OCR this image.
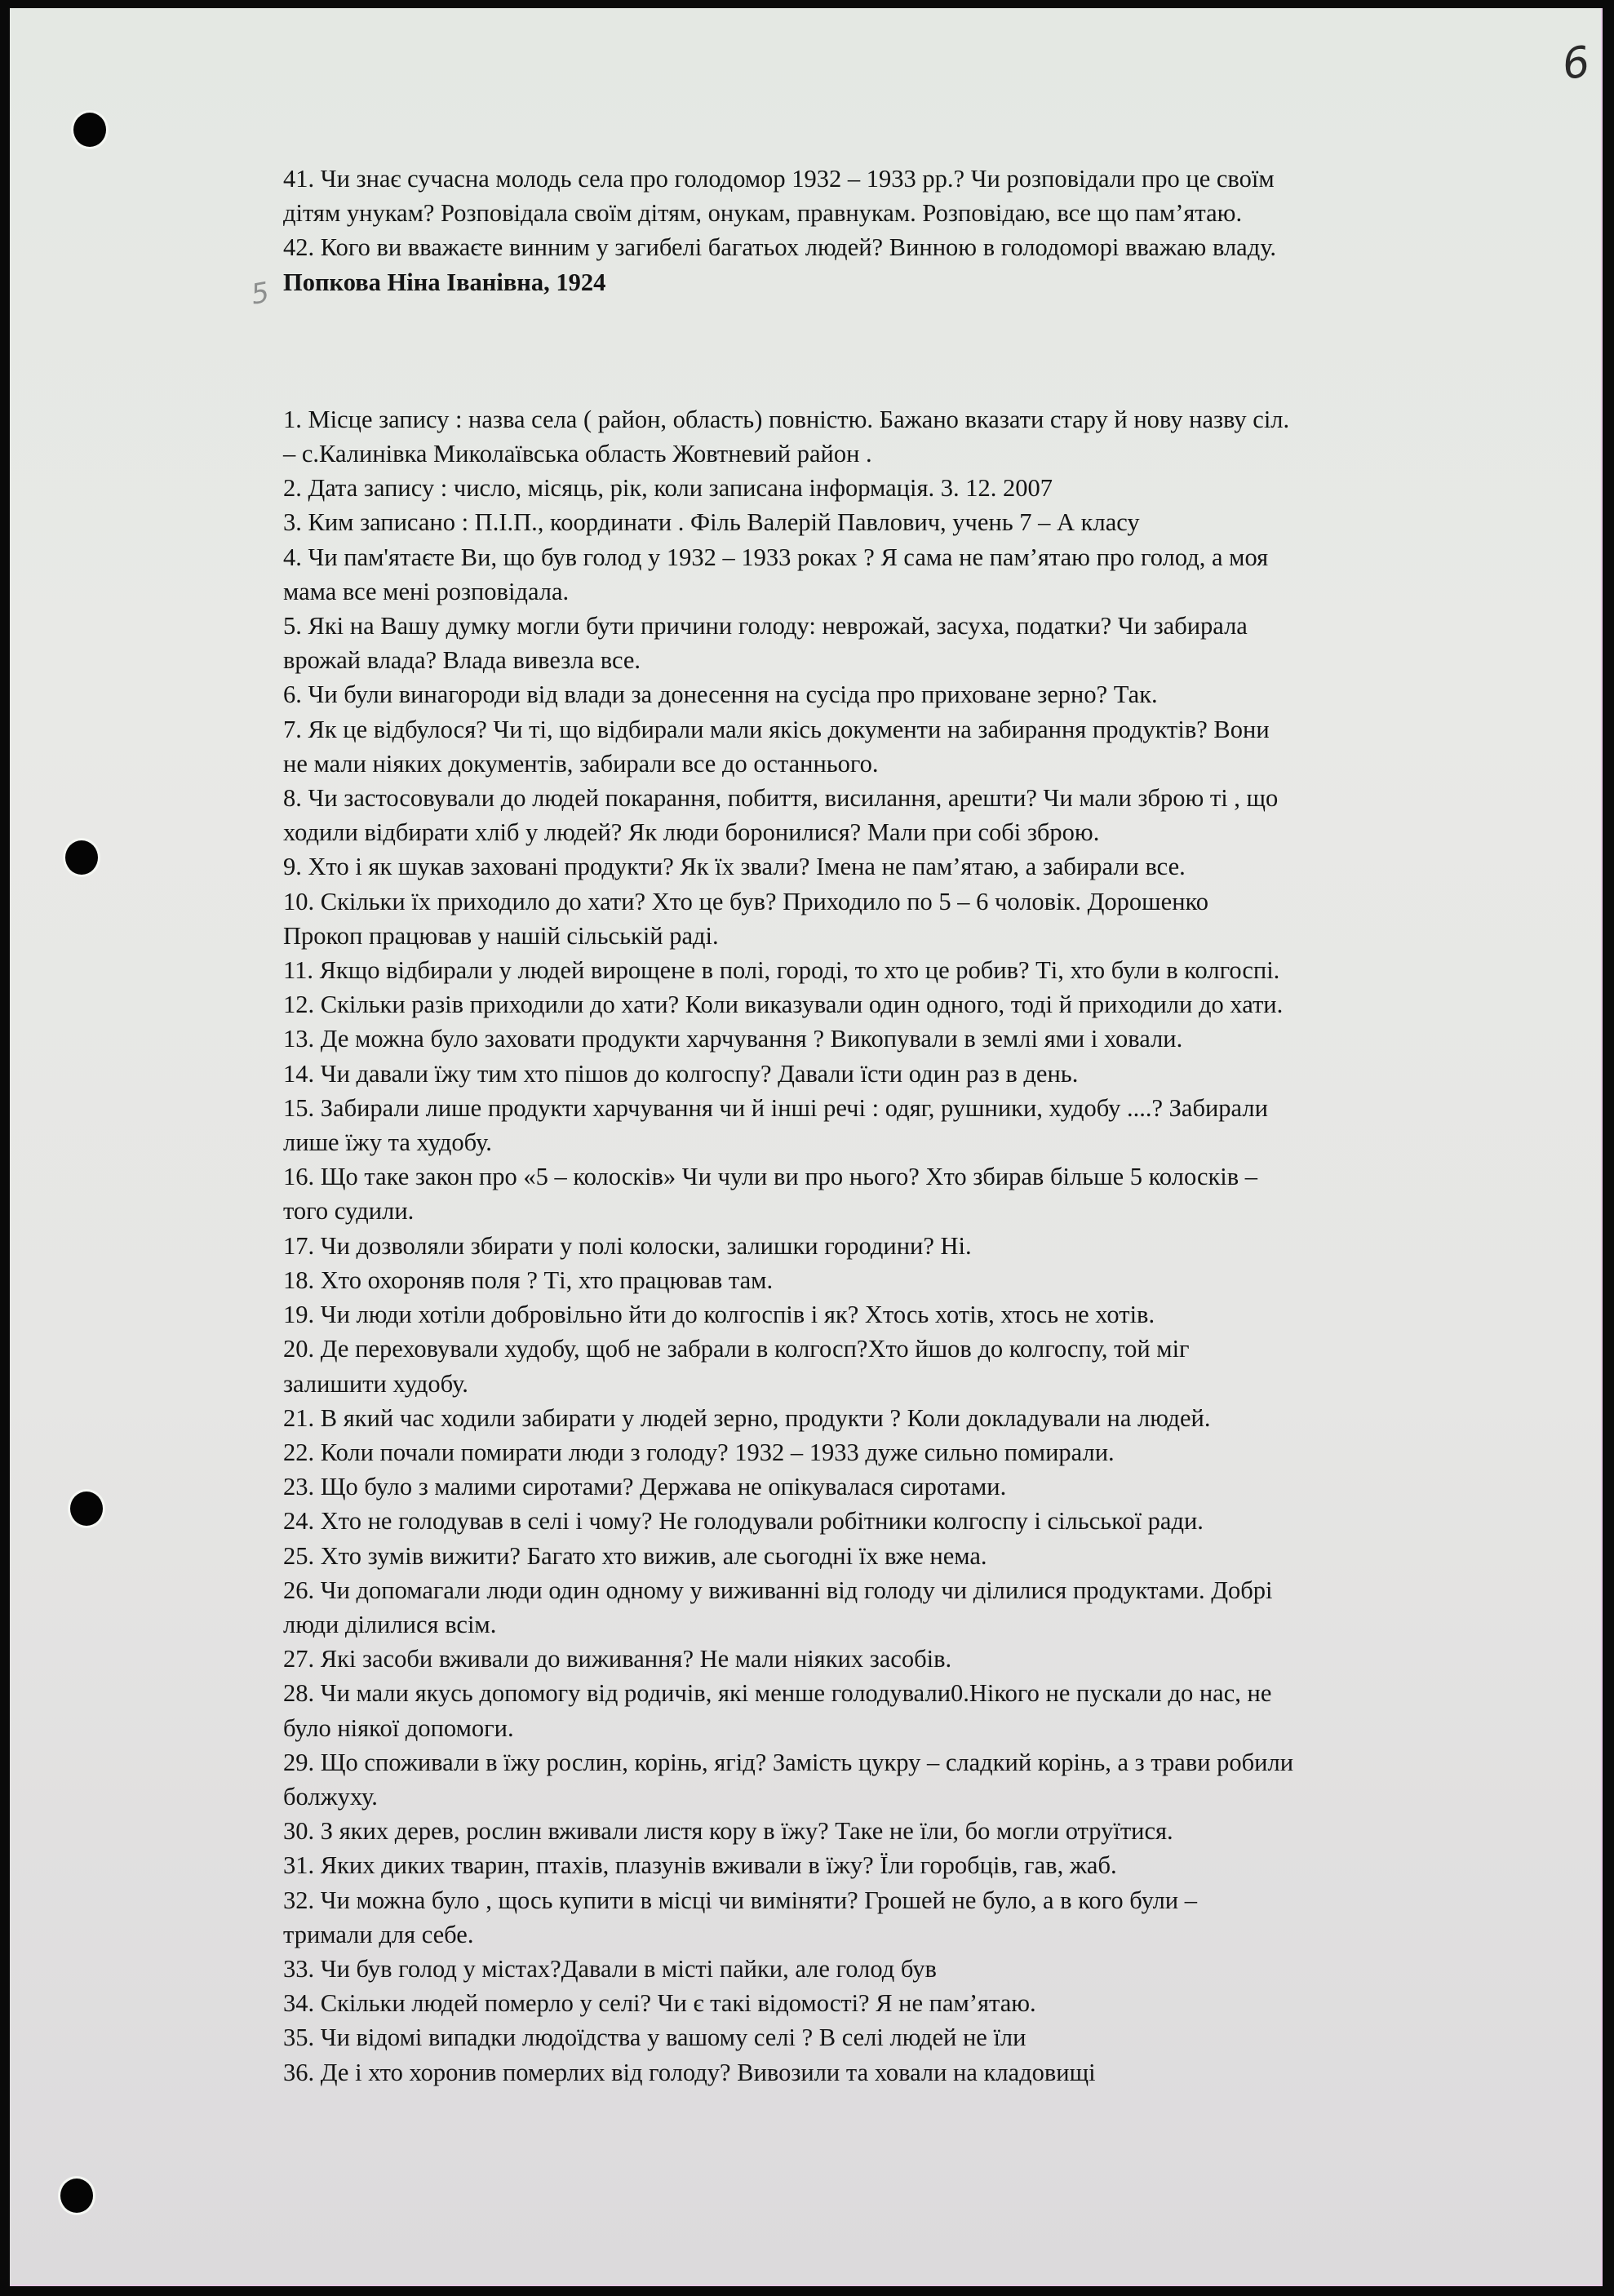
6
5
41. Чи знає сучасна молодь села про голодомор 1932 – 1933 рр.? Чи розповідали про це своїм
дітям унукам? Розповідала своїм дітям, онукам, правнукам. Розповідаю, все що пам’ятаю.
42. Кого ви вважаєте винним у загибелі багатьох людей? Винною в голодоморі вважаю владу.
Попкова Ніна Іванівна, 1924
1. Місце запису : назва села ( район, область) повністю. Бажано вказати стару й нову назву сіл.
– с.Калинівка Миколаївська область Жовтневий район .
2. Дата запису : число, місяць, рік, коли записана інформація. 3. 12. 2007
3. Ким записано : П.І.П., координати . Філь Валерій Павлович, учень 7 – А класу
4. Чи пам'ятаєте Ви, що був голод у 1932 – 1933 роках ? Я сама не пам’ятаю про голод, а моя
мама все мені розповідала.
5. Які на Вашу думку могли бути причини голоду: неврожай, засуха, податки? Чи забирала
врожай влада? Влада вивезла все.
6. Чи були винагороди від влади за донесення на сусіда про приховане зерно? Так.
7. Як це відбулося? Чи ті, що відбирали мали якісь документи на забирання продуктів? Вони
не мали ніяких документів, забирали все до останнього.
8. Чи застосовували до людей покарання, побиття, висилання, арешти? Чи мали зброю ті , що
ходили відбирати хліб у людей? Як люди боронилися? Мали при собі зброю.
9. Хто і як шукав заховані продукти? Як їх звали? Імена не пам’ятаю, а забирали все.
10. Скільки їх приходило до хати? Хто це був? Приходило по 5 – 6 чоловік. Дорошенко
Прокоп працював у нашій сільській раді.
11. Якщо відбирали у людей вирощене в полі, городі, то хто це робив? Ті, хто були в колгоспі.
12. Скільки разів приходили до хати? Коли виказували один одного, тоді й приходили до хати.
13. Де можна було заховати продукти харчування ? Викопували в землі ями і ховали.
14. Чи давали їжу тим хто пішов до колгоспу? Давали їсти один раз в день.
15. Забирали лише продукти харчування чи й інші речі : одяг, рушники, худобу ....? Забирали
лише їжу та худобу.
16. Що таке закон про «5 – колосків» Чи чули ви про нього? Хто збирав більше 5 колосків –
того судили.
17. Чи дозволяли збирати у полі колоски, залишки городини? Ні.
18. Хто охороняв поля ? Ті, хто працював там.
19. Чи люди хотіли добровільно йти до колгоспів і як? Хтось хотів, хтось не хотів.
20. Де переховували худобу, щоб не забрали в колгосп?Хто йшов до колгоспу, той міг
залишити худобу.
21. В який час ходили забирати у людей зерно, продукти ? Коли докладували на людей.
22. Коли почали помирати люди з голоду? 1932 – 1933 дуже сильно помирали.
23. Що було з малими сиротами? Держава не опікувалася сиротами.
24. Хто не голодував в селі і чому? Не голодували робітники колгоспу і сільської ради.
25. Хто зумів вижити? Багато хто вижив, але сьогодні їх вже нема.
26. Чи допомагали люди один одному у виживанні від голоду чи ділилися продуктами. Добрі
люди ділилися всім.
27. Які засоби вживали до виживання? Не мали ніяких засобів.
28. Чи мали якусь допомогу від родичів, які менше голодували0.Нікого не пускали до нас, не
було ніякої допомоги.
29. Що споживали в їжу рослин, корінь, ягід? Замість цукру – сладкий корінь, а з трави робили
болжуху.
30. З яких дерев, рослин вживали листя кору в їжу? Таке не їли, бо могли отруїтися.
31. Яких диких тварин, птахів, плазунів вживали в їжу? Їли горобців, гав, жаб.
32. Чи можна було , щось купити в місці чи виміняти? Грошей не було, а в кого були –
тримали для себе.
33. Чи був голод у містах?Давали в місті пайки, але голод був
34. Скільки людей померло у селі? Чи є такі відомості? Я не пам’ятаю.
35. Чи відомі випадки людоїдства у вашому селі ? В селі людей не їли
36. Де і хто хоронив померлих від голоду? Вивозили та ховали на кладовищі
